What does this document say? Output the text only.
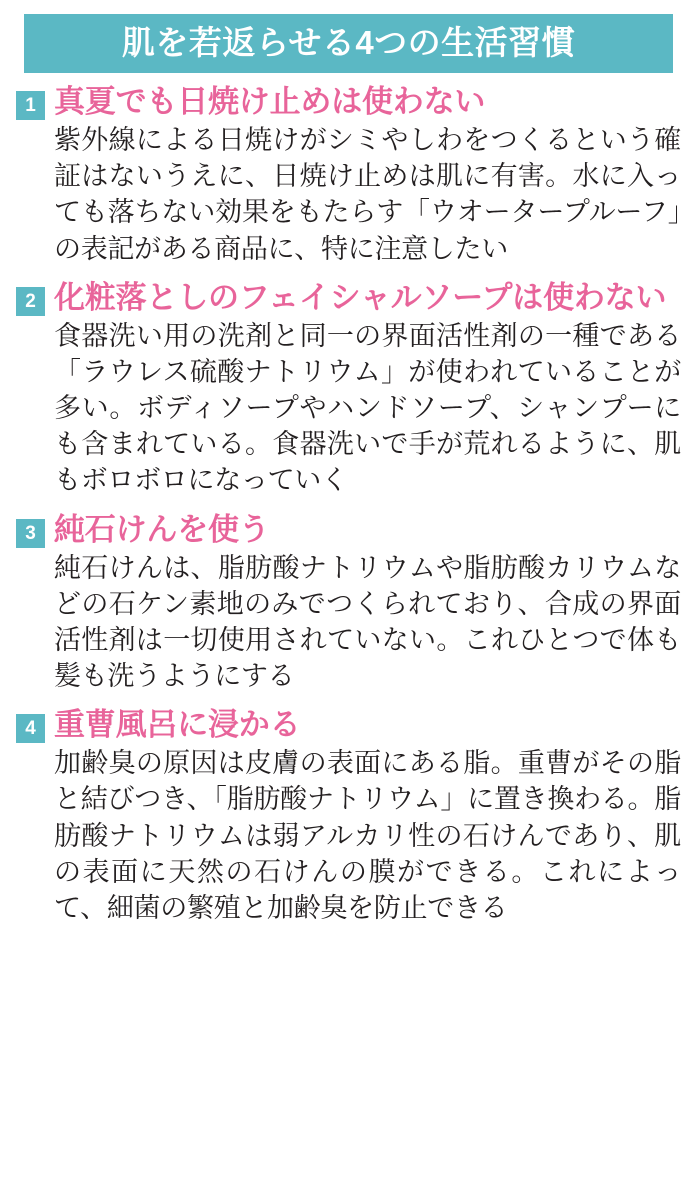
肌を若返らせる4つの生活習慣
1 真夏でも日焼け止めは使わない
紫外線による日焼けがシミやしわをつくるという確証はないうえに、日焼け止めは肌に有害。水に入っても落ちない効果をもたらす「ウオータープルーフ」の表記がある商品に、特に注意したい
2 化粧落としのフェイシャルソープは使わない
食器洗い用の洗剤と同一の界面活性剤の一種である「ラウレス硫酸ナトリウム」が使われていることが多い。ボディソープやハンドソープ、シャンプーにも含まれている。食器洗いで手が荒れるように、肌もボロボロになっていく
3 純石けんを使う
純石けんは、脂肪酸ナトリウムや脂肪酸カリウムなどの石ケン素地のみでつくられており、合成の界面活性剤は一切使用されていない。これひとつで体も髪も洗うようにする
4 重曹風呂に浸かる
加齢臭の原因は皮膚の表面にある脂。重曹がその脂と結びつき、「脂肪酸ナトリウム」に置き換わる。脂肪酸ナトリウムは弱アルカリ性の石けんであり、肌の表面に天然の石けんの膜ができる。これによって、細菌の繁殖と加齢臭を防止できる
